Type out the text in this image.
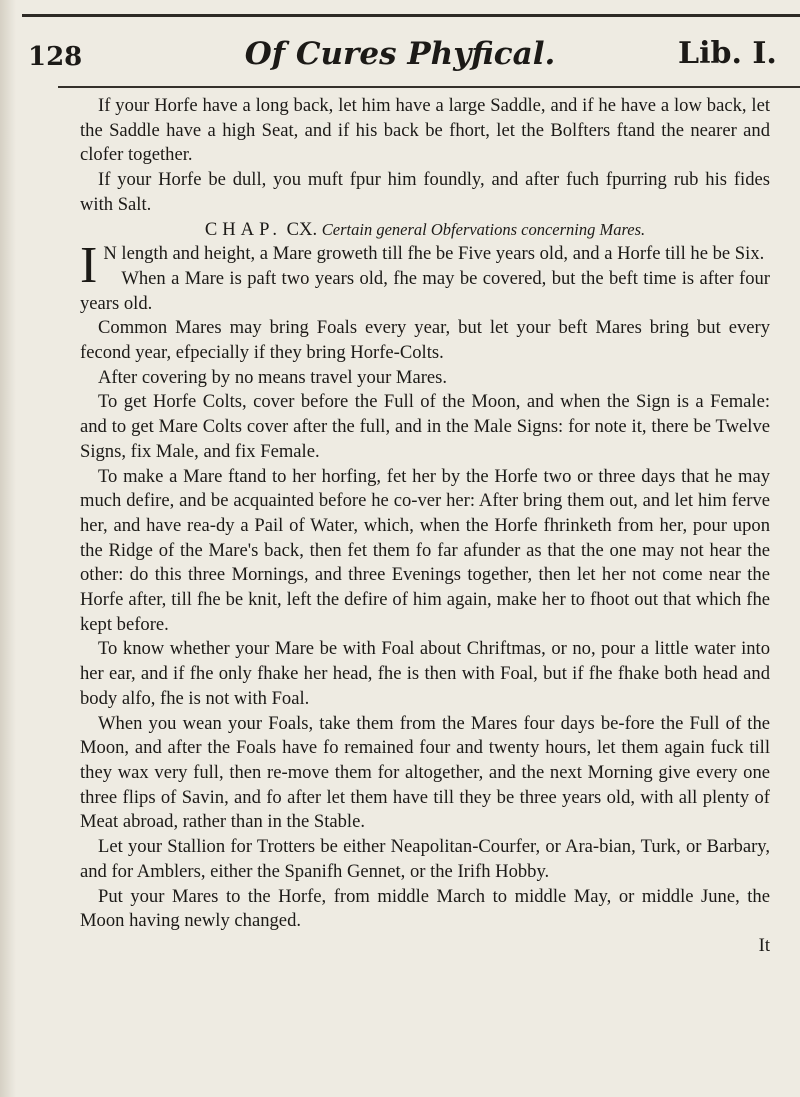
128	Of Cures Phyfical.	Lib. I.

If your Horfe have a long back, let him have a large Saddle, and if he have a low back, let the Saddle have a high Seat, and if his back be fhort, let the Bolfters ftand the nearer and clofer together.

If your Horfe be dull, you muft fpur him foundly, and after fuch fpurring rub his fides with Salt.

CHAP. CX. Certain general Obfervations concerning Mares.

I N length and height, a Mare groweth till fhe be Five years old, and a Horfe till he be Six.

When a Mare is paft two years old, fhe may be covered, but the beft time is after four years old.

Common Mares may bring Foals every year, but let your beft Mares bring but every fecond year, efpecially if they bring Horfe-Colts.

After covering by no means travel your Mares.

To get Horfe Colts, cover before the Full of the Moon, and when the Sign is a Female: and to get Mare Colts cover after the full, and in the Male Signs: for note it, there be Twelve Signs, fix Male, and fix Female.

To make a Mare ftand to her horfing, fet her by the Horfe two or three days that he may much defire, and be acquainted before he co-ver her: After bring them out, and let him ferve her, and have rea-dy a Pail of Water, which, when the Horfe fhrinketh from her, pour upon the Ridge of the Mare's back, then fet them fo far afunder as that the one may not hear the other: do this three Mornings, and three Evenings together, then let her not come near the Horfe after, till fhe be knit, left the defire of him again, make her to fhoot out that which fhe kept before.

To know whether your Mare be with Foal about Chriftmas, or no, pour a little water into her ear, and if fhe only fhake her head, fhe is then with Foal, but if fhe fhake both head and body alfo, fhe is not with Foal.

When you wean your Foals, take them from the Mares four days be-fore the Full of the Moon, and after the Foals have fo remained four and twenty hours, let them again fuck till they wax very full, then re-move them for altogether, and the next Morning give every one three flips of Savin, and fo after let them have till they be three years old, with all plenty of Meat abroad, rather than in the Stable.

Let your Stallion for Trotters be either Neapolitan-Courfer, or Ara-bian, Turk, or Barbary, and for Amblers, either the Spanifh Gennet, or the Irifh Hobby.

Put your Mares to the Horfe, from middle March to middle May, or middle June, the Moon having newly changed.

It
